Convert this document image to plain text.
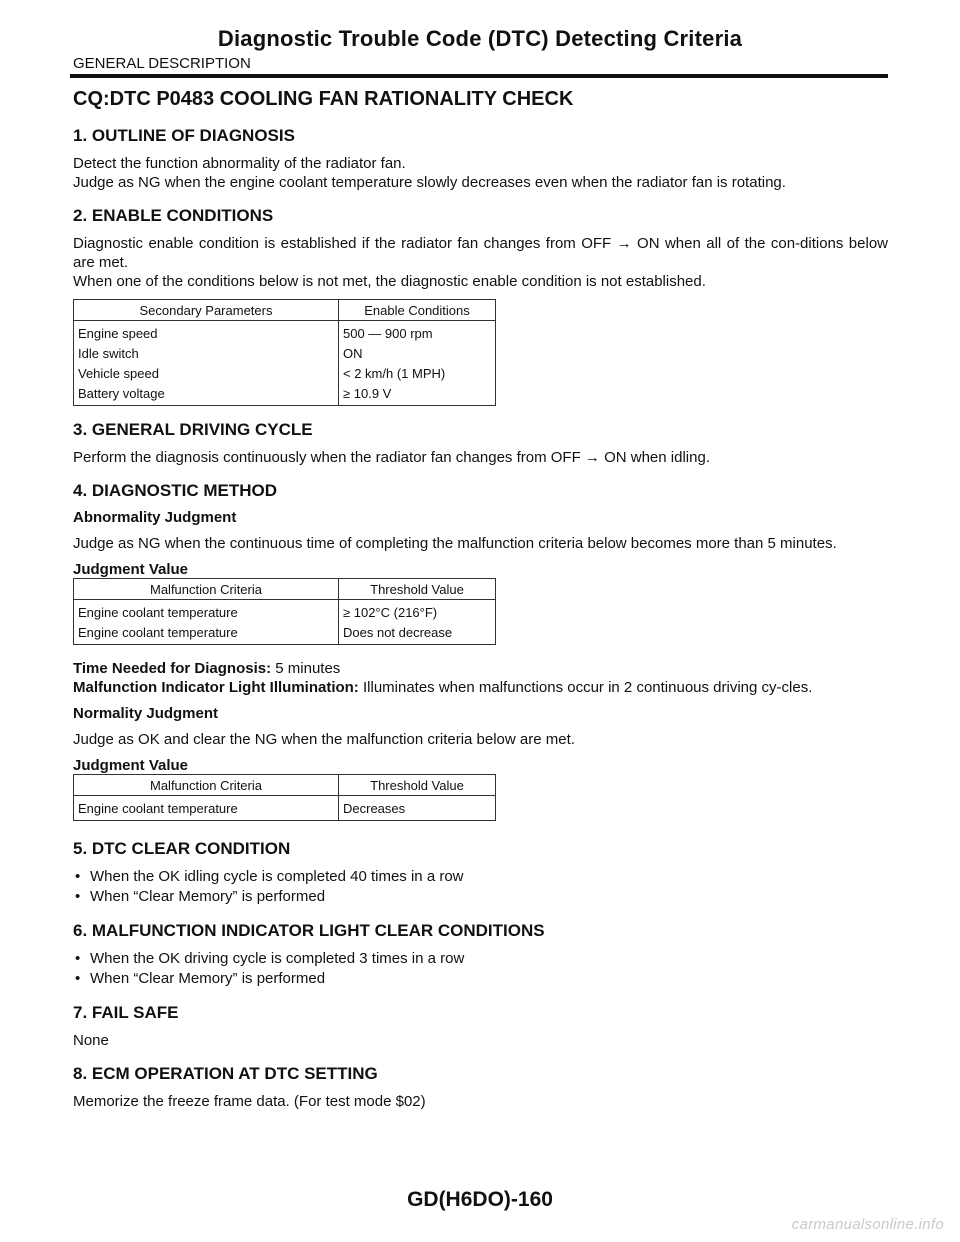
Diagnostic Trouble Code (DTC) Detecting Criteria
GENERAL DESCRIPTION
CQ:DTC P0483 COOLING FAN RATIONALITY CHECK
1. OUTLINE OF DIAGNOSIS

Detect the function abnormality of the radiator fan.

Judge as NG when the engine coolant temperature slowly decreases even when the radiator fan is rotating.

2. ENABLE CONDITIONS

Diagnostic enable condition is established if the radiator fan changes from OFF → ON when all of the con-ditions below are met.

When one of the conditions below is not met, the diagnostic enable condition is not established.

Secondary Parameters	Enable Conditions
Engine speed	500 — 900 rpm
Idle switch	ON
Vehicle speed	< 2 km/h (1 MPH)
Battery voltage	≥ 10.9 V
3. GENERAL DRIVING CYCLE

Perform the diagnosis continuously when the radiator fan changes from OFF → ON when idling.

4. DIAGNOSTIC METHOD
Abnormality Judgment

Judge as NG when the continuous time of completing the malfunction criteria below becomes more than 5 minutes.

Judgment Value
Malfunction Criteria	Threshold Value
Engine coolant temperature	≥ 102°C (216°F)
Engine coolant temperature	Does not decrease

Time Needed for Diagnosis: 5 minutes

Malfunction Indicator Light Illumination: Illuminates when malfunctions occur in 2 continuous driving cy-cles.

Normality Judgment

Judge as OK and clear the NG when the malfunction criteria below are met.

Judgment Value
Malfunction Criteria	Threshold Value
Engine coolant temperature	Decreases
5. DTC CLEAR CONDITION
• When the OK idling cycle is completed 40 times in a row
• When “Clear Memory” is performed
6. MALFUNCTION INDICATOR LIGHT CLEAR CONDITIONS
• When the OK driving cycle is completed 3 times in a row
• When “Clear Memory” is performed
7. FAIL SAFE

None

8. ECM OPERATION AT DTC SETTING

Memorize the freeze frame data. (For test mode $02)

GD(H6DO)-160
carmanualsonline.info
